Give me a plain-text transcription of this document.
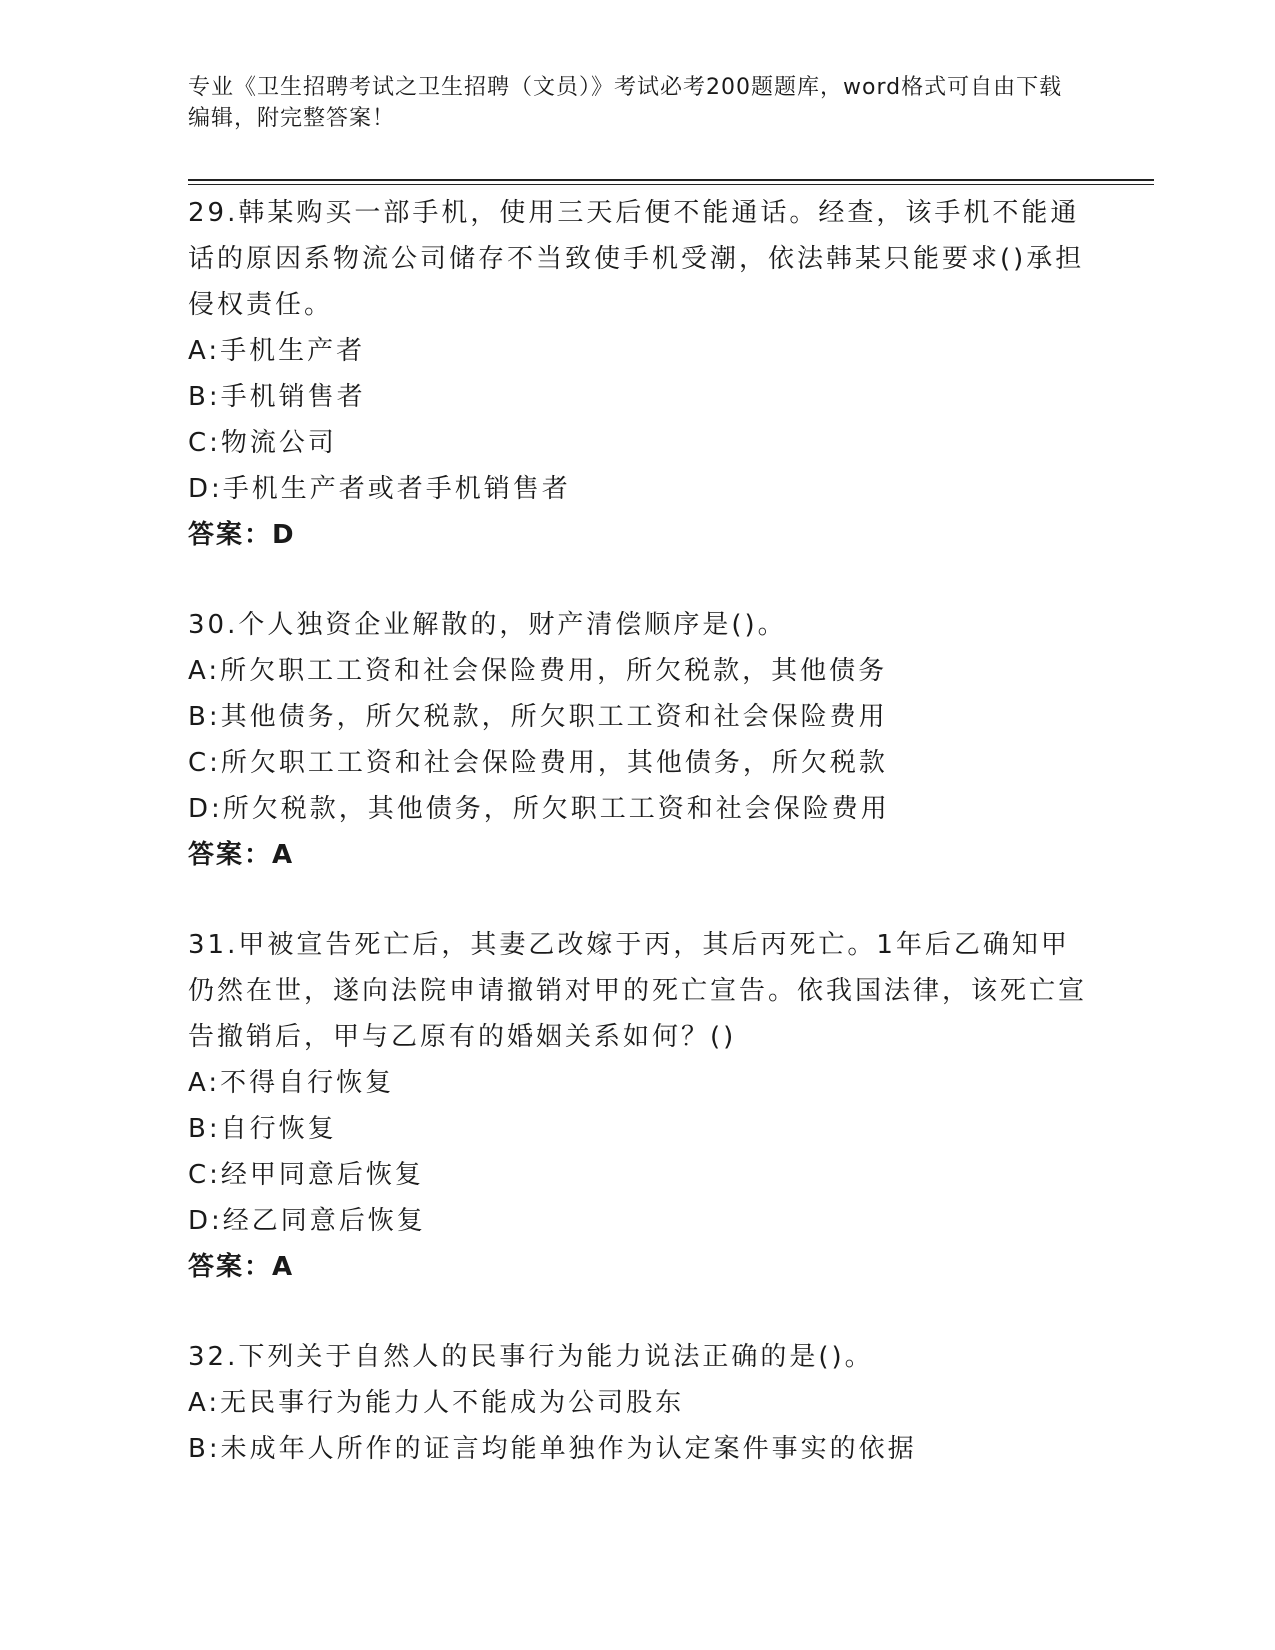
专业《卫生招聘考试之卫生招聘（文员）》考试必考200题题库，word格式可自由下载编辑，附完整答案！

29.韩某购买一部手机，使用三天后便不能通话。经查，该手机不能通话的原因系物流公司储存不当致使手机受潮，依法韩某只能要求()承担侵权责任。

A:手机生产者

B:手机销售者

C:物流公司

D:手机生产者或者手机销售者

答案：D

30.个人独资企业解散的，财产清偿顺序是()。

A:所欠职工工资和社会保险费用，所欠税款，其他债务

B:其他债务，所欠税款，所欠职工工资和社会保险费用

C:所欠职工工资和社会保险费用，其他债务，所欠税款

D:所欠税款，其他债务，所欠职工工资和社会保险费用

答案：A

31.甲被宣告死亡后，其妻乙改嫁于丙，其后丙死亡。1年后乙确知甲仍然在世，遂向法院申请撤销对甲的死亡宣告。依我国法律，该死亡宣告撤销后，甲与乙原有的婚姻关系如何？()

A:不得自行恢复

B:自行恢复

C:经甲同意后恢复

D:经乙同意后恢复

答案：A

32.下列关于自然人的民事行为能力说法正确的是()。

A:无民事行为能力人不能成为公司股东

B:未成年人所作的证言均能单独作为认定案件事实的依据
